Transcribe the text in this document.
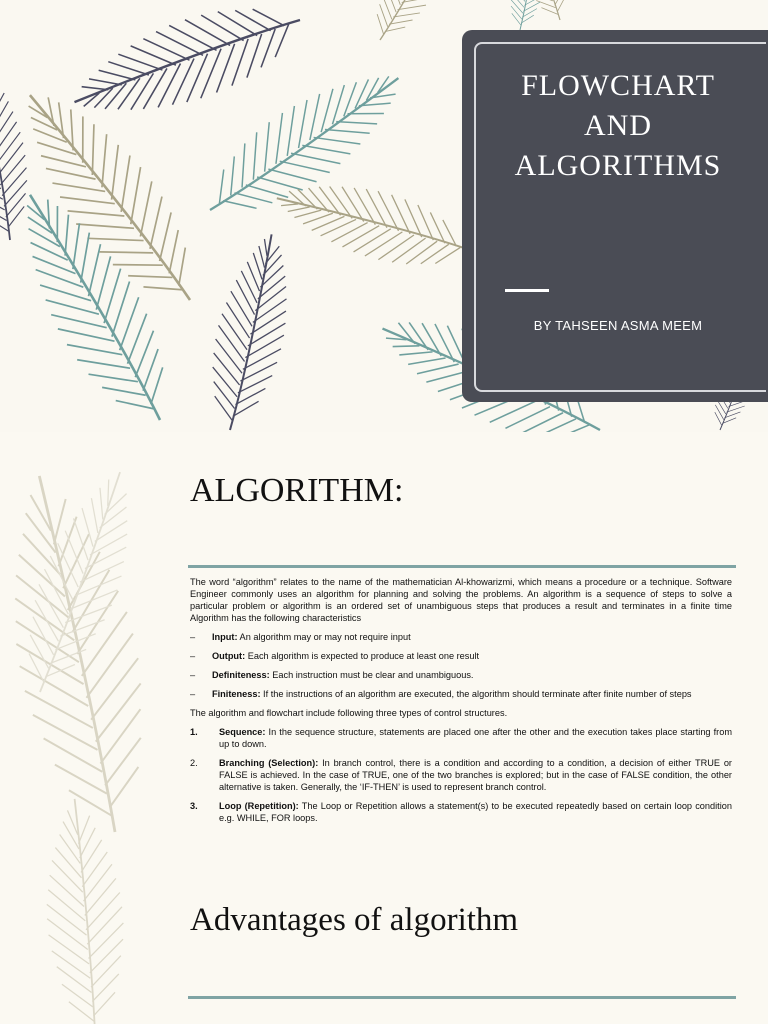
FLOWCHART
AND
ALGORITHMS
BY TAHSEEN ASMA MEEM
ALGORITHM:

The word “algorithm” relates to the name of the mathematician Al-khowarizmi, which means a procedure or a technique. Software Engineer commonly uses an algorithm for planning and solving the problems. An algorithm is a sequence of steps to solve a particular problem or algorithm is an ordered set of unambiguous steps that produces a result and terminates in a finite time Algorithm has the following characteristics

–	Input: An algorithm may or may not require input
–	Output: Each algorithm is expected to produce at least one result
–	Definiteness: Each instruction must be clear and unambiguous.
–	Finiteness: If the instructions of an algorithm are executed, the algorithm should terminate after finite number of steps

The algorithm and flowchart include following three types of control structures.

1.	Sequence: In the sequence structure, statements are placed one after the other and the execution takes place starting from up to down.
2.	Branching (Selection): In branch control, there is a condition and according to a condition, a decision of either TRUE or FALSE is achieved. In the case of TRUE, one of the two branches is explored; but in the case of FALSE condition, the other alternative is taken. Generally, the ‘IF-THEN’ is used to represent branch control.
3.	Loop (Repetition): The Loop or Repetition allows a statement(s) to be executed repeatedly based on certain loop condition e.g. WHILE, FOR loops.
Advantages of algorithm
